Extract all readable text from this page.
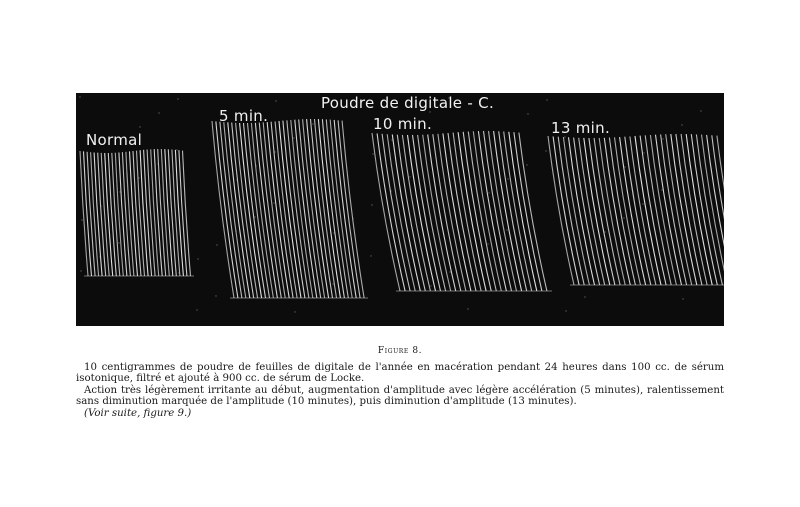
Poudre de digitale - C.
Normal
5 min.	10 min.	13 min.
Figure 8.

10 centigrammes de poudre de feuilles de digitale de l'année en macération pendant 24 heures dans 100 cc. de sérum isotonique, filtré et ajouté à 900 cc. de sérum de Locke.

Action très légèrement irritante au début, augmentation d'amplitude avec légère accélération (5 minutes), ralentissement sans diminution marquée de l'amplitude (10 minutes), puis diminution d'amplitude (13 minutes).

(Voir suite, figure 9.)
